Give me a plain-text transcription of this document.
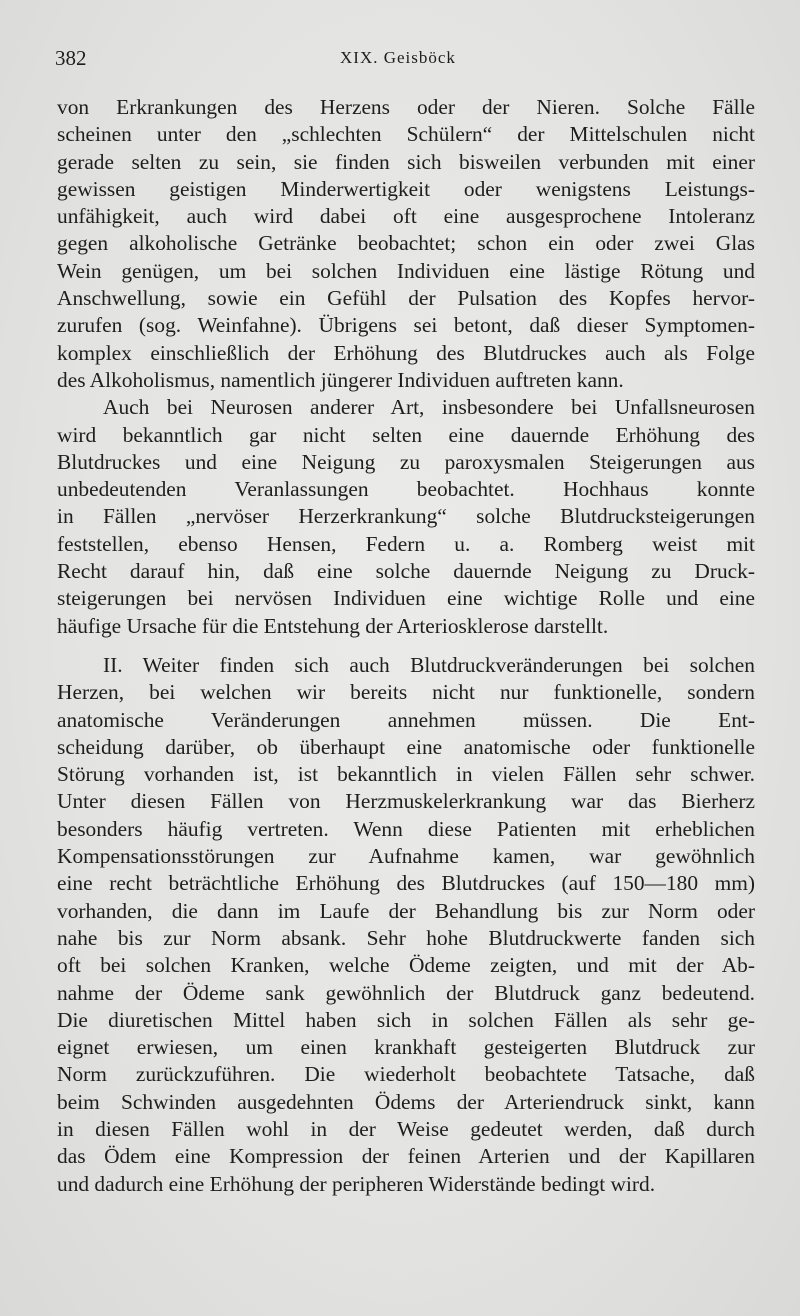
382	XIX. Geisböck
von Erkrankungen des Herzens oder der Nieren. Solche Fälle
scheinen unter den „schlechten Schülern“ der Mittelschulen nicht
gerade selten zu sein, sie finden sich bisweilen verbunden mit einer
gewissen geistigen Minderwertigkeit oder wenigstens Leistungs-
unfähigkeit, auch wird dabei oft eine ausgesprochene Intoleranz
gegen alkoholische Getränke beobachtet; schon ein oder zwei Glas
Wein genügen, um bei solchen Individuen eine lästige Rötung und
Anschwellung, sowie ein Gefühl der Pulsation des Kopfes hervor-
zurufen (sog. Weinfahne). Übrigens sei betont, daß dieser Symptomen-
komplex einschließlich der Erhöhung des Blutdruckes auch als Folge
des Alkoholismus, namentlich jüngerer Individuen auftreten kann.
Auch bei Neurosen anderer Art, insbesondere bei Unfallsneurosen
wird bekanntlich gar nicht selten eine dauernde Erhöhung des
Blutdruckes und eine Neigung zu paroxysmalen Steigerungen aus
unbedeutenden Veranlassungen beobachtet. Hochhaus konnte
in Fällen „nervöser Herzerkrankung“ solche Blutdrucksteigerungen
feststellen, ebenso Hensen, Federn u. a. Romberg weist mit
Recht darauf hin, daß eine solche dauernde Neigung zu Druck-
steigerungen bei nervösen Individuen eine wichtige Rolle und eine
häufige Ursache für die Entstehung der Arteriosklerose darstellt.
II. Weiter finden sich auch Blutdruckveränderungen bei solchen
Herzen, bei welchen wir bereits nicht nur funktionelle, sondern
anatomische Veränderungen annehmen müssen. Die Ent-
scheidung darüber, ob überhaupt eine anatomische oder funktionelle
Störung vorhanden ist, ist bekanntlich in vielen Fällen sehr schwer.
Unter diesen Fällen von Herzmuskelerkrankung war das Bierherz
besonders häufig vertreten. Wenn diese Patienten mit erheblichen
Kompensationsstörungen zur Aufnahme kamen, war gewöhnlich
eine recht beträchtliche Erhöhung des Blutdruckes (auf 150—180 mm)
vorhanden, die dann im Laufe der Behandlung bis zur Norm oder
nahe bis zur Norm absank. Sehr hohe Blutdruckwerte fanden sich
oft bei solchen Kranken, welche Ödeme zeigten, und mit der Ab-
nahme der Ödeme sank gewöhnlich der Blutdruck ganz bedeutend.
Die diuretischen Mittel haben sich in solchen Fällen als sehr ge-
eignet erwiesen, um einen krankhaft gesteigerten Blutdruck zur
Norm zurückzuführen. Die wiederholt beobachtete Tatsache, daß
beim Schwinden ausgedehnten Ödems der Arteriendruck sinkt, kann
in diesen Fällen wohl in der Weise gedeutet werden, daß durch
das Ödem eine Kompression der feinen Arterien und der Kapillaren
und dadurch eine Erhöhung der peripheren Widerstände bedingt wird.
